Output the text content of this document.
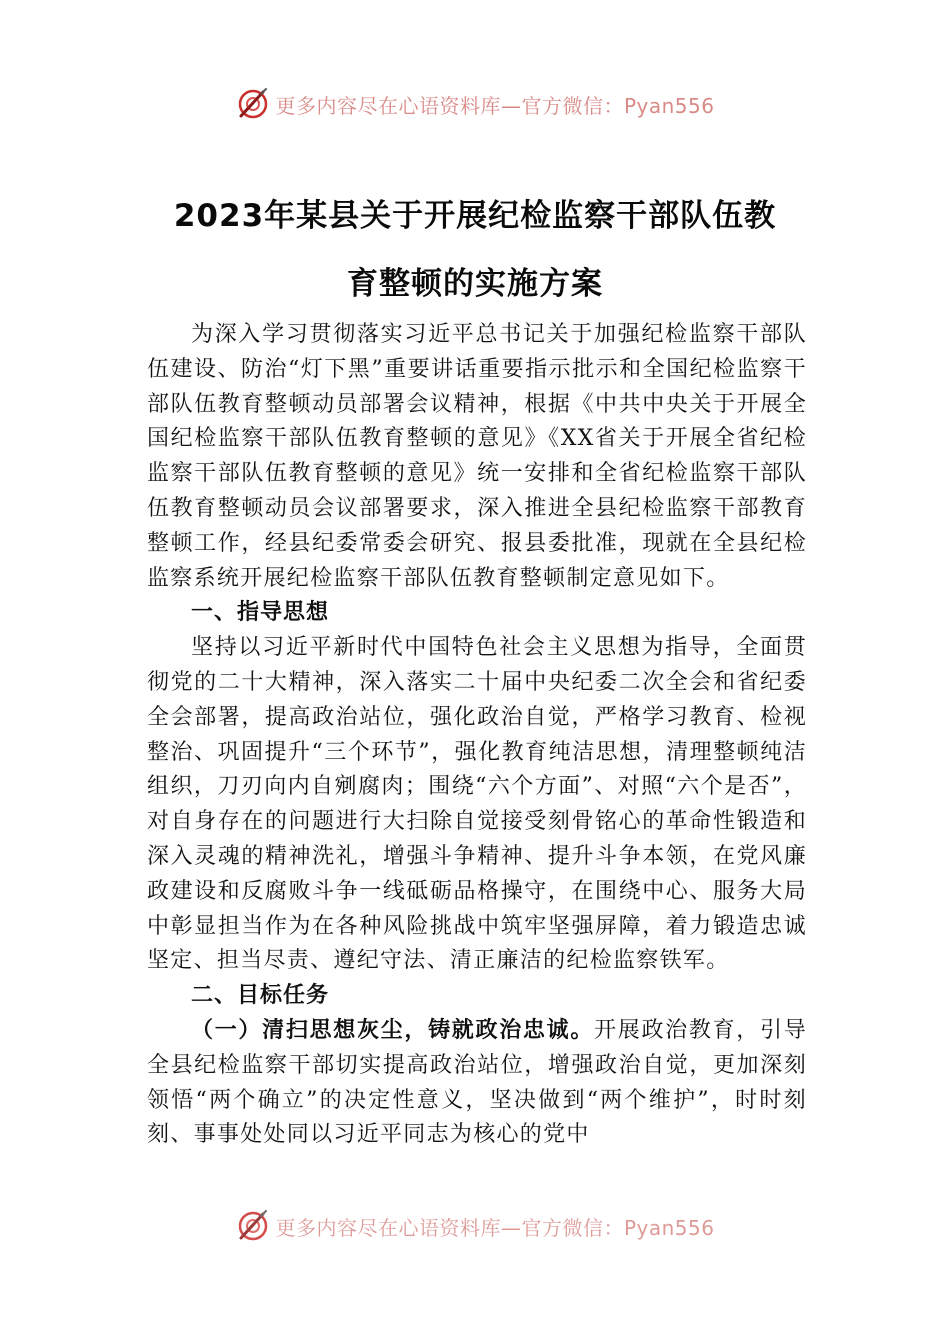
更多内容尽在心语资料库—官方微信：Pyan556
2023年某县关于开展纪检监察干部队伍教
育整顿的实施方案

为深入学习贯彻落实习近平总书记关于加强纪检监察干部队伍建设、防治“灯下黑”重要讲话重要指示批示和全国纪检监察干部队伍教育整顿动员部署会议精神，根据《中共中央关于开展全国纪检监察干部队伍教育整顿的意见》《XX省关于开展全省纪检监察干部队伍教育整顿的意见》统一安排和全省纪检监察干部队伍教育整顿动员会议部署要求，深入推进全县纪检监察干部教育整顿工作，经县纪委常委会研究、报县委批准，现就在全县纪检监察系统开展纪检监察干部队伍教育整顿制定意见如下。

一、指导思想

坚持以习近平新时代中国特色社会主义思想为指导，全面贯彻党的二十大精神，深入落实二十届中央纪委二次全会和省纪委全会部署，提高政治站位，强化政治自觉，严格学习教育、检视整治、巩固提升“三个环节”，强化教育纯洁思想，清理整顿纯洁组织，刀刃向内自剜腐肉；围绕“六个方面”、对照“六个是否”，对自身存在的问题进行大扫除自觉接受刻骨铭心的革命性锻造和深入灵魂的精神洗礼，增强斗争精神、提升斗争本领，在党风廉政建设和反腐败斗争一线砥砺品格操守，在围绕中心、服务大局中彰显担当作为在各种风险挑战中筑牢坚强屏障，着力锻造忠诚坚定、担当尽责、遵纪守法、清正廉洁的纪检监察铁军。

二、目标任务

（一）清扫思想灰尘，铸就政治忠诚。开展政治教育，引导全县纪检监察干部切实提高政治站位，增强政治自觉，更加深刻领悟“两个确立”的决定性意义，坚决做到“两个维护”，时时刻刻、事事处处同以习近平同志为核心的党中

更多内容尽在心语资料库—官方微信：Pyan556
